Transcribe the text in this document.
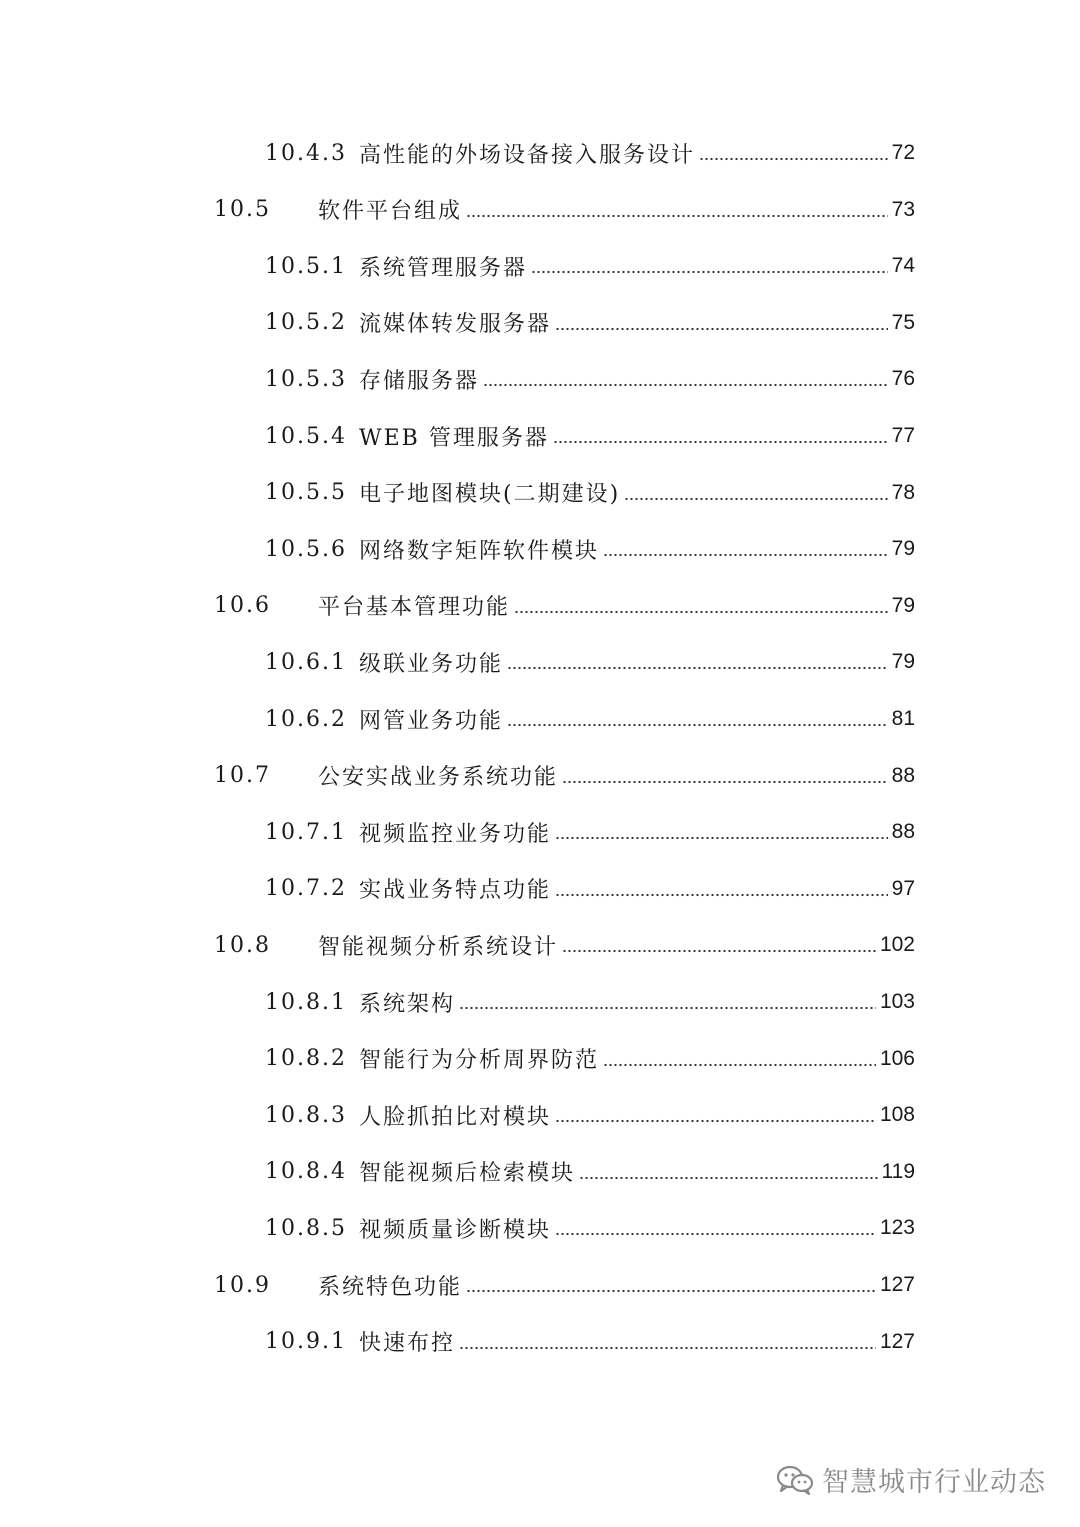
10.4.3 高性能的外场设备接入服务设计	72
10.5	软件平台组成	73
10.5.1 系统管理服务器	74
10.5.2 流媒体转发服务器	75
10.5.3 存储服务器	76
10.5.4 WEB 管理服务器	77
10.5.5 电子地图模块(二期建设)	78
10.5.6 网络数字矩阵软件模块	79
10.6	平台基本管理功能	79
10.6.1 级联业务功能	79
10.6.2 网管业务功能	81
10.7	公安实战业务系统功能	88
10.7.1 视频监控业务功能	88
10.7.2 实战业务特点功能	97
10.8	智能视频分析系统设计	102
10.8.1 系统架构	103
10.8.2 智能行为分析周界防范	106
10.8.3 人脸抓拍比对模块	108
10.8.4 智能视频后检索模块	119
10.8.5 视频质量诊断模块	123
10.9	系统特色功能	127
10.9.1 快速布控	127
智慧城市行业动态
